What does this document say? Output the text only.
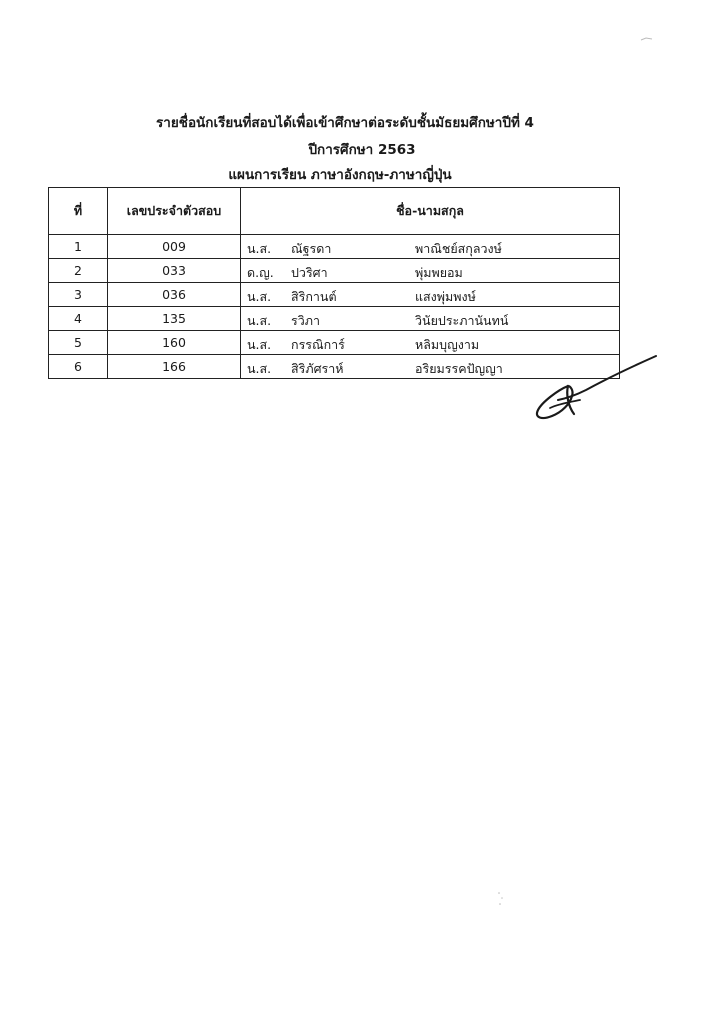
รายชื่อนักเรียนที่สอบได้เพื่อเข้าศึกษาต่อระดับชั้นมัธยมศึกษาปีที่ 4
ปีการศึกษา 2563
แผนการเรียน ภาษาอังกฤษ-ภาษาญี่ปุ่น
ที่	เลขประจำตัวสอบ	ชื่อ-นามสกุล
1	009	น.ส. ณัฐรดา พาณิชย์สกุลวงษ์

2	033	ด.ญ. ปวริศา พุ่มพยอม

3	036	น.ส. สิริกานต์ แสงพุ่มพงษ์

4	135	น.ส. รวิภา วินัยประภานันทน์

5	160	น.ส. กรรณิการ์ หลิมบุญงาม

6	166	น.ส. สิริภัศราห์ อริยมรรคปัญญา
